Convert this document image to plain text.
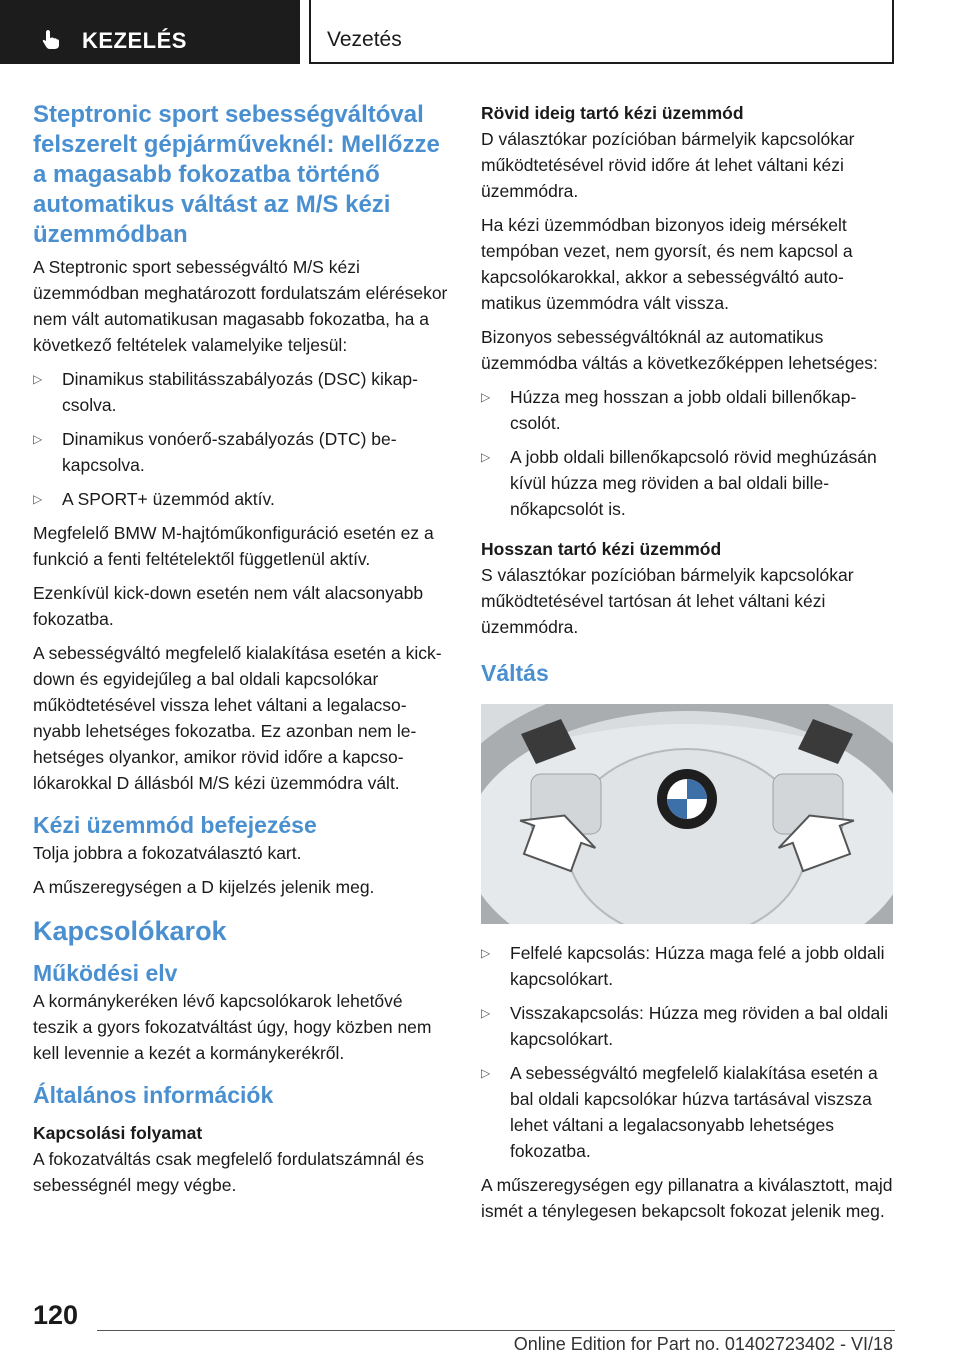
KEZELÉS	Vezetés
Steptronic sport sebességváltóval felszerelt gépjárműveknél: Mellőzze a magasabb fokozatba történő automatikus váltást az M/S kézi üzemmódban

A Steptronic sport sebességváltó M/S kézi üzemmódban meghatározott fordulatszám elérésekor nem vált automatikusan magasabb fokozatba, ha a következő feltételek valamelyike teljesül:

▷ Dinamikus stabilitásszabályozás (DSC) kikapcsolva.
▷ Dinamikus vonóerő-szabályozás (DTC) bekapcsolva.
▷ A SPORT+ üzemmód aktív.

Megfelelő BMW M-hajtóműkonfiguráció esetén ez a funkció a fenti feltételektől függetlenül aktív.

Ezenkívül kick-down esetén nem vált alacsonyabb fokozatba.

A sebességváltó megfelelő kialakítása esetén a kick-down és egyidejűleg a bal oldali kapcsolókar működtetésével vissza lehet váltani a legalacsonyabb lehetséges fokozatba. Ez azonban nem lehetséges olyankor, amikor rövid időre a kapcsolókarokkal D állásból M/S kézi üzemmódra vált.

Kézi üzemmód befejezése

Tolja jobbra a fokozatválasztó kart.

A műszeregységen a D kijelzés jelenik meg.

Kapcsolókarok
Működési elv

A kormánykeréken lévő kapcsolókarok lehetővé teszik a gyors fokozatváltást úgy, hogy közben nem kell levennie a kezét a kormánykerékről.

Általános információk
Kapcsolási folyamat

A fokozatváltás csak megfelelő fordulatszámnál és sebességnél megy végbe.

Rövid ideig tartó kézi üzemmód

D választókar pozícióban bármelyik kapcsolókar működtetésével rövid időre át lehet váltani kézi üzemmódra.

Ha kézi üzemmódban bizonyos ideig mérsékelt tempóban vezet, nem gyorsít, és nem kapcsol a kapcsolókarokkal, akkor a sebességváltó automatikus üzemmódra vált vissza.

Bizonyos sebességváltóknál az automatikus üzemmódba váltás a következőképpen lehetséges:

▷ Húzza meg hosszan a jobb oldali billenőkapcsolót.
▷ A jobb oldali billenőkapcsoló rövid meghúzásán kívül húzza meg röviden a bal oldali billenőkapcsolót is.
Hosszan tartó kézi üzemmód

S választókar pozícióban bármelyik kapcsolókar működtetésével tartósan át lehet váltani kézi üzemmódra.

Váltás
▷ Felfelé kapcsolás: Húzza maga felé a jobb oldali kapcsolókart.
▷ Visszakapcsolás: Húzza meg röviden a bal oldali kapcsolókart.
▷ A sebességváltó megfelelő kialakítása esetén a bal oldali kapcsolókar húzva tartásával viszsza lehet váltani a legalacsonyabb lehetséges fokozatba.

A műszeregységen egy pillanatra a kiválasztott, majd ismét a ténylegesen bekapcsolt fokozat jelenik meg.

120
Online Edition for Part no. 01402723402 - VI/18
